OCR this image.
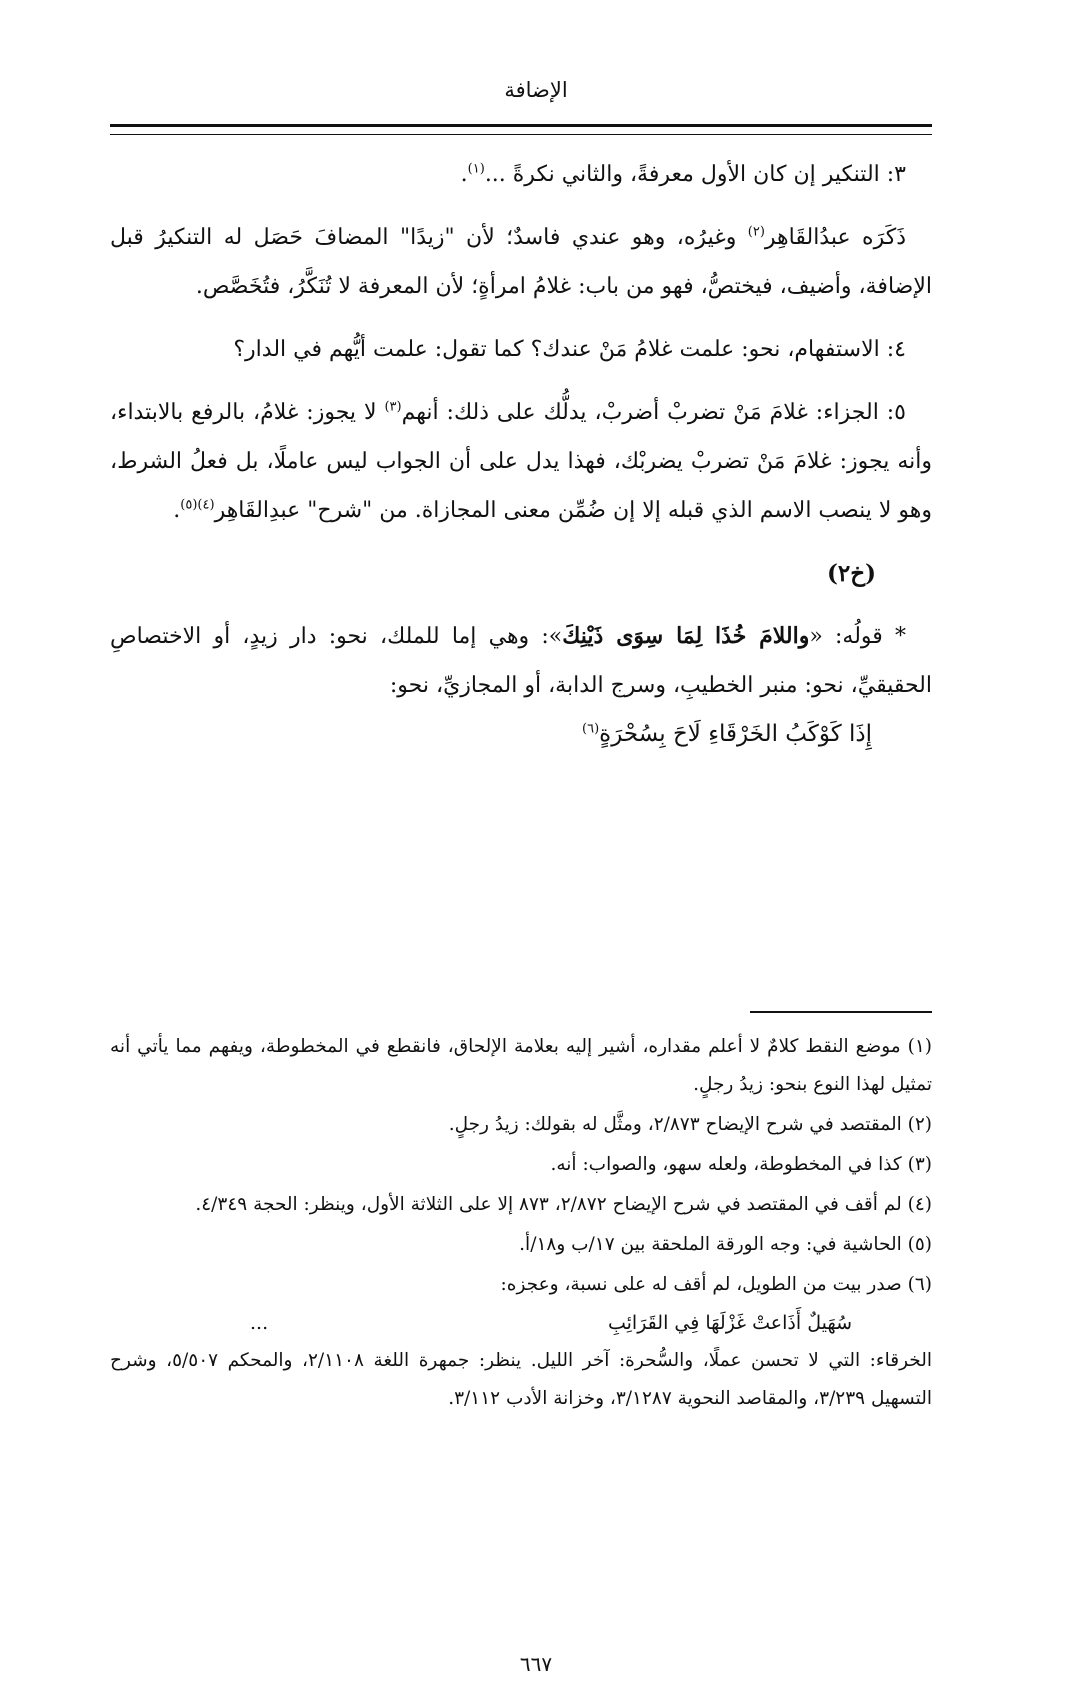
الإضافة

٣: التنكير إن كان الأول معرفةً، والثاني نكرةً ...$^{(١)}$.

ذَكَرَه عبدُالقَاهِر$^{(٢)}$ وغيرُه، وهو عندي فاسدٌ؛ لأن "زيدًا" المضافَ حَصَل له التنكيرُ قبل الإضافة، وأضيف، فيختصُّ، فهو من باب: غلامُ امرأةٍ؛ لأن المعرفة لا تُنَكَّرُ، فتُخَصَّص.

٤: الاستفهام، نحو: علمت غلامُ مَنْ عندك؟ كما تقول: علمت أيُّهم في الدار؟

٥: الجزاء: غلامَ مَنْ تضربْ أضربْ، يدلُّك على ذلك: أنهم$^{(٣)}$ لا يجوز: غلامُ، بالرفع بالابتداء، وأنه يجوز: غلامَ مَنْ تضربْ يضربْك، فهذا يدل على أن الجواب ليس عاملًا، بل فعلُ الشرط، وهو لا ينصب الاسم الذي قبله إلا إن ضُمِّن معنى المجازاة. من "شرح" عبدِالقَاهِر$^{(٤)(٥)}$.

(خ٢)

* قولُه: «واللامَ خُذَا لِمَا سِوَى ذَيْنِكَ»: وهي إما للملك، نحو: دار زيدٍ، أو الاختصاصِ الحقيقيِّ، نحو: منبر الخطيبِ، وسرج الدابة، أو المجازيِّ، نحو:

إِذَا كَوْكَبُ الخَرْقَاءِ لَاحَ بِسُحْرَةٍ$^{(٦)}$

(١) موضع النقط كلامٌ لا أعلم مقداره، أشير إليه بعلامة الإلحاق، فانقطع في المخطوطة، ويفهم مما يأتي أنه تمثيل لهذا النوع بنحو: زيدُ رجلٍ.

(٢) المقتصد في شرح الإيضاح ٢/٨٧٣، ومثَّل له بقولك: زيدُ رجلٍ.

(٣) كذا في المخطوطة، ولعله سهو، والصواب: أنه.

(٤) لم أقف في المقتصد في شرح الإيضاح ٢/٨٧٢، ٨٧٣ إلا على الثلاثة الأول، وينظر: الحجة ٤/٣٤٩.

(٥) الحاشية في: وجه الورقة الملحقة بين ١٧/ب و١٨/أ.

(٦) صدر بيت من الطويل، لم أقف له على نسبة، وعجزه:

سُهَيلٌ أَذَاعتْ غَزْلَهَا فِي القَرَائِبِ
...

الخرقاء: التي لا تحسن عملًا، والسُّحرة: آخر الليل. ينظر: جمهرة اللغة ٢/١١٠٨، والمحكم ٥/٥٠٧، وشرح التسهيل ٣/٢٣٩، والمقاصد النحوية ٣/١٢٨٧، وخزانة الأدب ٣/١١٢.

٦٦٧
